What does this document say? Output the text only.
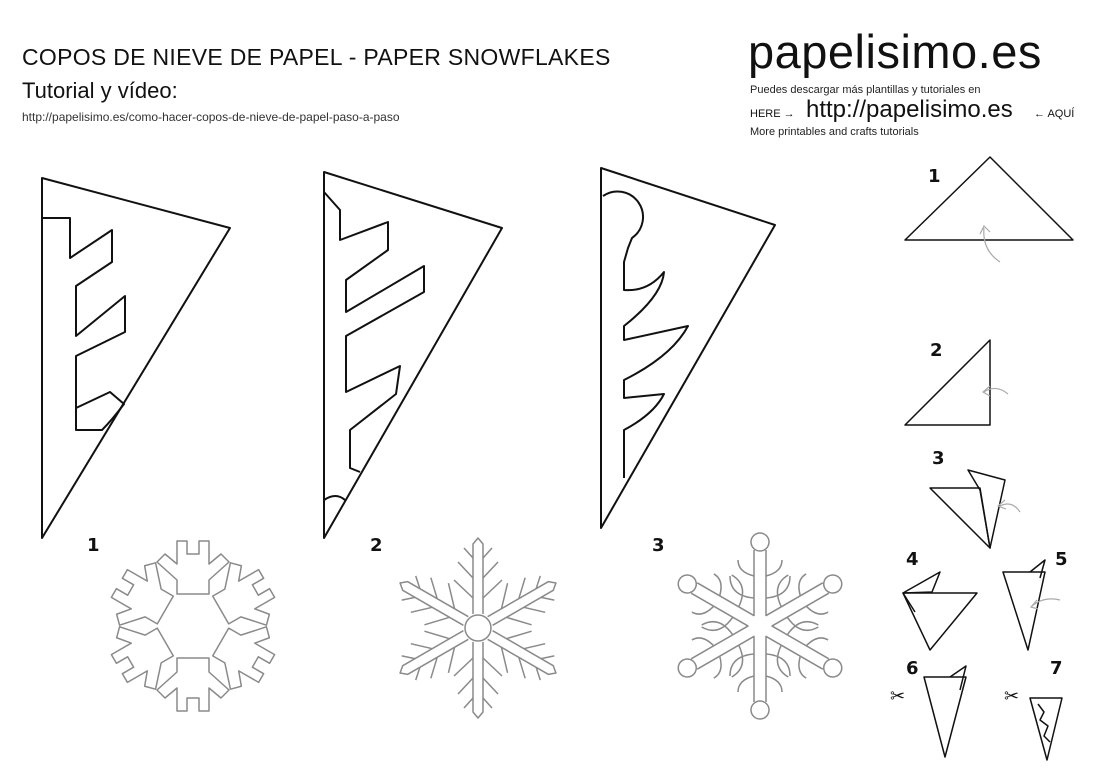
COPOS DE NIEVE DE PAPEL - PAPER SNOWFLAKES
Tutorial y vídeo:
http://papelisimo.es/como-hacer-copos-de-nieve-de-papel-paso-a-paso
papelisimo.es
Puedes descargar más plantillas y tutoriales en
HERE → http://papelisimo.es ← AQUÍ
More printables and crafts tutorials
1	2	3
1
2
3
4	5
6	7
✂	✂
